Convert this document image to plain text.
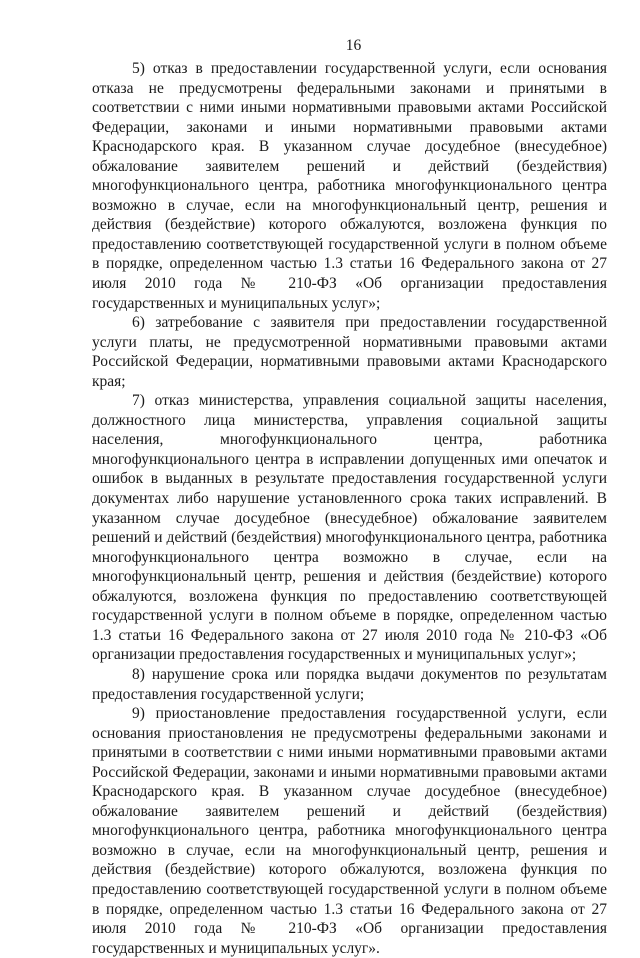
16

5) отказ в предоставлении государственной услуги, если основания отказа не предусмотрены федеральными законами и принятыми в соответствии с ними иными нормативными правовыми актами Российской Федерации, законами и иными нормативными правовыми актами Краснодарского края. В указанном случае досудебное (внесудебное) обжалование заявителем решений и действий (бездействия) многофункционального центра, работника многофункционального центра возможно в случае, если на многофункциональный центр, решения и действия (бездействие) которого обжалуются, возложена функция по предоставлению соответствующей государственной услуги в полном объеме в порядке, определенном частью 1.3 статьи 16 Федерального закона от 27 июля 2010 года № 210-ФЗ «Об организации предоставления государственных и муниципальных услуг»;

6) затребование с заявителя при предоставлении государственной услуги платы, не предусмотренной нормативными правовыми актами Российской Федерации, нормативными правовыми актами Краснодарского края;

7) отказ министерства, управления социальной защиты населения, должностного лица министерства, управления социальной защиты населения, многофункционального центра, работника многофункционального центра в исправлении допущенных ими опечаток и ошибок в выданных в результате предоставления государственной услуги документах либо нарушение установленного срока таких исправлений. В указанном случае досудебное (внесудебное) обжалование заявителем решений и действий (бездействия) многофункционального центра, работника многофункционального центра возможно в случае, если на многофункциональный центр, решения и действия (бездействие) которого обжалуются, возложена функция по предоставлению соответствующей государственной услуги в полном объеме в порядке, определенном частью 1.3 статьи 16 Федерального закона от 27 июля 2010 года № 210-ФЗ «Об организации предоставления государственных и муниципальных услуг»;

8) нарушение срока или порядка выдачи документов по результатам предоставления государственной услуги;

9) приостановление предоставления государственной услуги, если основания приостановления не предусмотрены федеральными законами и принятыми в соответствии с ними иными нормативными правовыми актами Российской Федерации, законами и иными нормативными правовыми актами Краснодарского края. В указанном случае досудебное (внесудебное) обжалование заявителем решений и действий (бездействия) многофункционального центра, работника многофункционального центра возможно в случае, если на многофункциональный центр, решения и действия (бездействие) которого обжалуются, возложена функция по предоставлению соответствующей государственной услуги в полном объеме в порядке, определенном частью 1.3 статьи 16 Федерального закона от 27 июля 2010 года № 210-ФЗ «Об организации предоставления государственных и муниципальных услуг».
